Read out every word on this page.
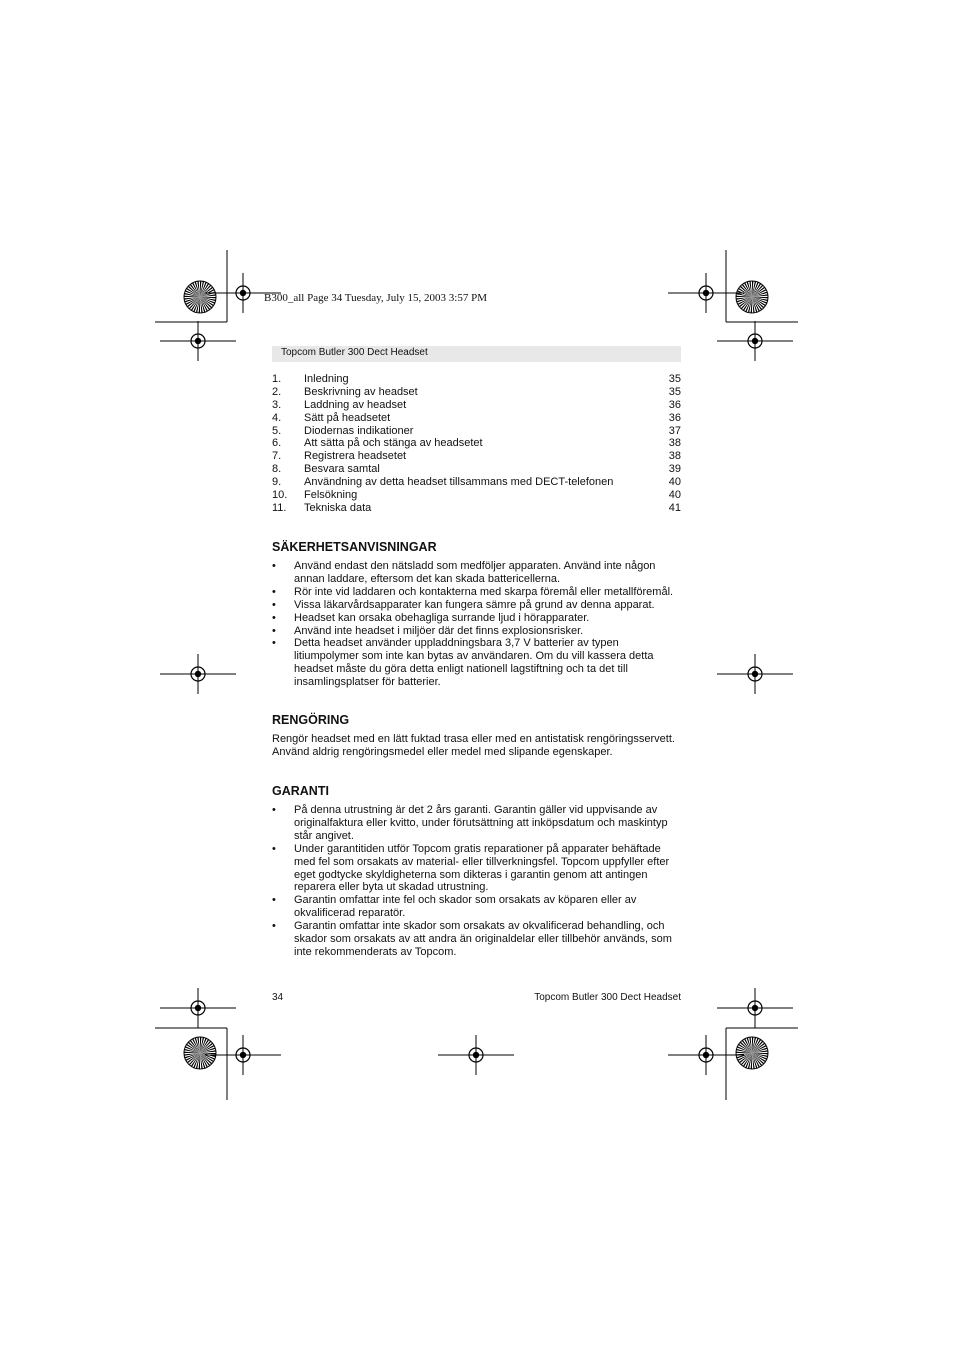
B300_all Page 34 Tuesday, July 15, 2003 3:57 PM
Topcom Butler 300 Dect Headset
1. Inledning	35
2. Beskrivning av headset	35
3. Laddning av headset	36
4. Sätt på headsetet	36
5. Diodernas indikationer	37
6. Att sätta på och stänga av headsetet	38
7. Registrera headsetet	38
8. Besvara samtal	39
9. Användning av detta headset tillsammans med DECT-telefonen	40
10. Felsökning	40
11. Tekniska data	41
SÄKERHETSANVISNINGAR
• Använd endast den nätsladd som medföljer apparaten. Använd inte någon annan laddare, eftersom det kan skada battericellerna.
• Rör inte vid laddaren och kontakterna med skarpa föremål eller metallföremål.
• Vissa läkarvårdsapparater kan fungera sämre på grund av denna apparat.
• Headset kan orsaka obehagliga surrande ljud i hörapparater.
• Använd inte headset i miljöer där det finns explosionsrisker.
• Detta headset använder uppladdningsbara 3,7 V batterier av typen litiumpolymer som inte kan bytas av användaren. Om du vill kassera detta headset måste du göra detta enligt nationell lagstiftning och ta det till insamlingsplatser för batterier.
RENGÖRING
Rengör headset med en lätt fuktad trasa eller med en antistatisk rengöringsservett. Använd aldrig rengöringsmedel eller medel med slipande egenskaper.
GARANTI
• På denna utrustning är det 2 års garanti. Garantin gäller vid uppvisande av originalfaktura eller kvitto, under förutsättning att inköpsdatum och maskintyp står angivet.
• Under garantitiden utför Topcom gratis reparationer på apparater behäftade med fel som orsakats av material- eller tillverkningsfel. Topcom uppfyller efter eget godtycke skyldigheterna som dikteras i garantin genom att antingen reparera eller byta ut skadad utrustning.
• Garantin omfattar inte fel och skador som orsakats av köparen eller av okvalificerad reparatör.
• Garantin omfattar inte skador som orsakats av okvalificerad behandling, och skador som orsakats av att andra än originaldelar eller tillbehör används, som inte rekommenderats av Topcom.
34	Topcom Butler 300 Dect Headset
